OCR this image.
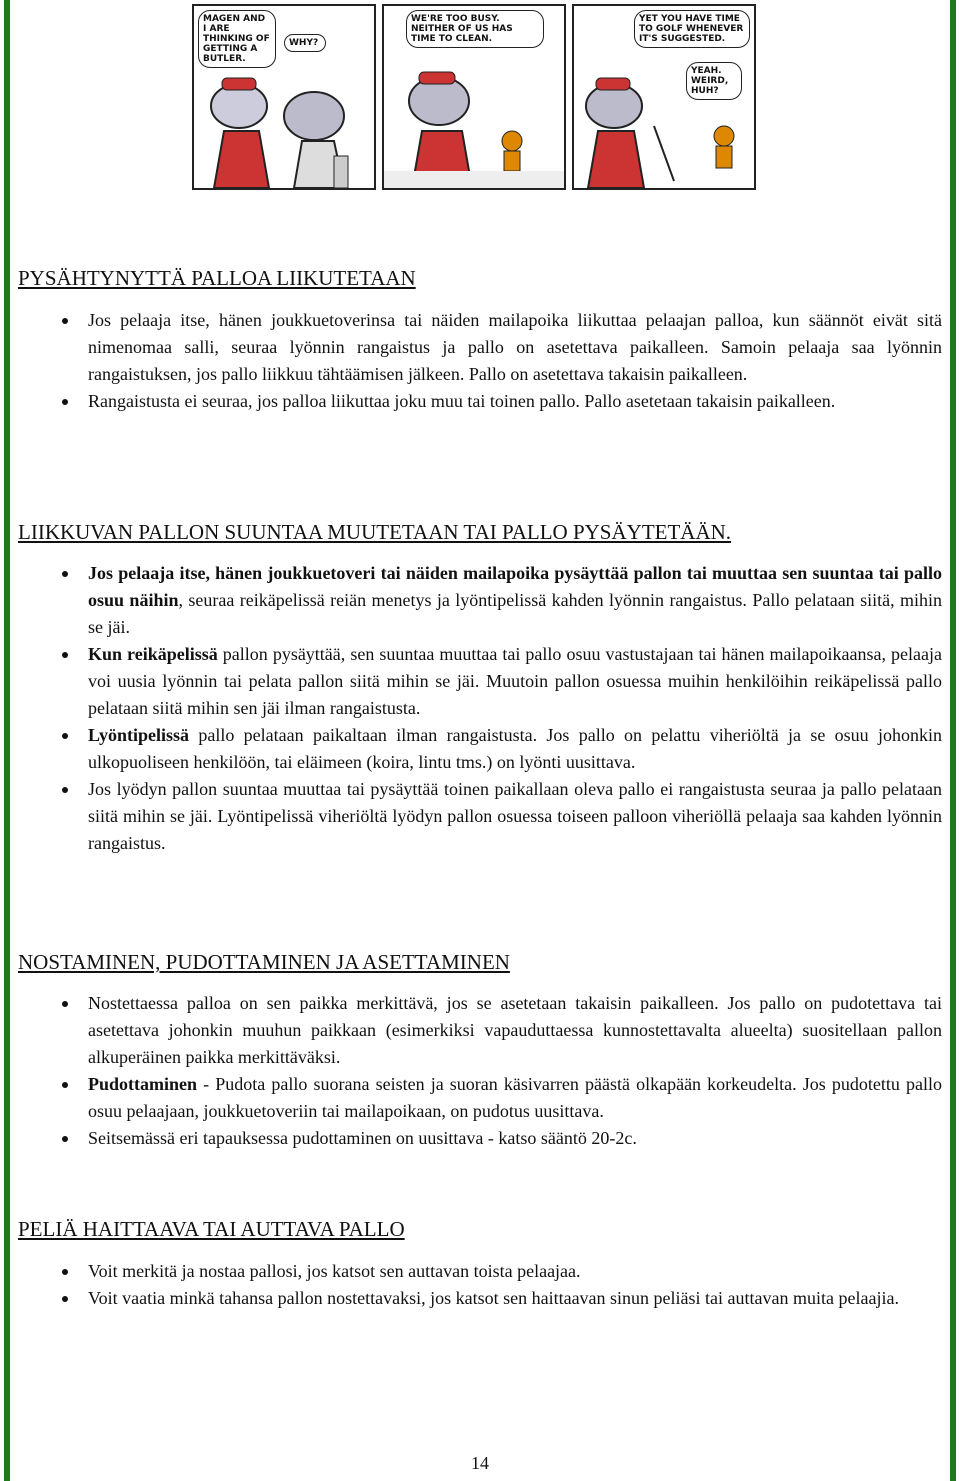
MAGEN AND I ARE THINKING OF GETTING A BUTLER.
WHY?
WE'RE TOO BUSY. NEITHER OF US HAS TIME TO CLEAN.
YET YOU HAVE TIME TO GOLF WHENEVER IT'S SUGGESTED.
YEAH. WEIRD, HUH?
PYSÄHTYNYTTÄ PALLOA LIIKUTETAAN
Jos pelaaja itse, hänen joukkuetoverinsa tai näiden mailapoika liikuttaa pelaajan palloa, kun säännöt eivät sitä nimenomaa salli, seuraa lyönnin rangaistus ja pallo on asetettava paikalleen. Samoin pelaaja saa lyönnin rangaistuksen, jos pallo liikkuu tähtäämisen jälkeen. Pallo on asetettava takaisin paikalleen.
Rangaistusta ei seuraa, jos palloa liikuttaa joku muu tai toinen pallo. Pallo asetetaan takaisin paikalleen.
LIIKKUVAN PALLON SUUNTAA MUUTETAAN TAI PALLO PYSÄYTETÄÄN.
Jos pelaaja itse, hänen joukkuetoveri tai näiden mailapoika pysäyttää pallon tai muuttaa sen suuntaa tai pallo osuu näihin, seuraa reikäpelissä reiän menetys ja lyöntipelissä kahden lyönnin rangaistus. Pallo pelataan siitä, mihin se jäi.
Kun reikäpelissä pallon pysäyttää, sen suuntaa muuttaa tai pallo osuu vastustajaan tai hänen mailapoikaansa, pelaaja voi uusia lyönnin tai pelata pallon siitä mihin se jäi. Muutoin pallon osuessa muihin henkilöihin reikäpelissä pallo pelataan siitä mihin sen jäi ilman rangaistusta.
Lyöntipelissä pallo pelataan paikaltaan ilman rangaistusta. Jos pallo on pelattu viheriöltä ja se osuu johonkin ulkopuoliseen henkilöön, tai eläimeen (koira, lintu tms.) on lyönti uusittava.
Jos lyödyn pallon suuntaa muuttaa tai pysäyttää toinen paikallaan oleva pallo ei rangaistusta seuraa ja pallo pelataan siitä mihin se jäi. Lyöntipelissä viheriöltä lyödyn pallon osuessa toiseen palloon viheriöllä pelaaja saa kahden lyönnin rangaistus.
NOSTAMINEN, PUDOTTAMINEN JA ASETTAMINEN
Nostettaessa palloa on sen paikka merkittävä, jos se asetetaan takaisin paikalleen. Jos pallo on pudotettava tai asetettava johonkin muuhun paikkaan (esimerkiksi vapauduttaessa kunnostettavalta alueelta) suositellaan pallon alkuperäinen paikka merkittäväksi.
Pudottaminen - Pudota pallo suorana seisten ja suoran käsivarren päästä olkapään korkeudelta. Jos pudotettu pallo osuu pelaajaan, joukkuetoveriin tai mailapoikaan, on pudotus uusittava.
Seitsemässä eri tapauksessa pudottaminen on uusittava - katso sääntö 20-2c.
PELIÄ HAITTAAVA TAI AUTTAVA PALLO
Voit merkitä ja nostaa pallosi, jos katsot sen auttavan toista pelaajaa.
Voit vaatia minkä tahansa pallon nostettavaksi, jos katsot sen haittaavan sinun peliäsi tai auttavan muita pelaajia.
14
